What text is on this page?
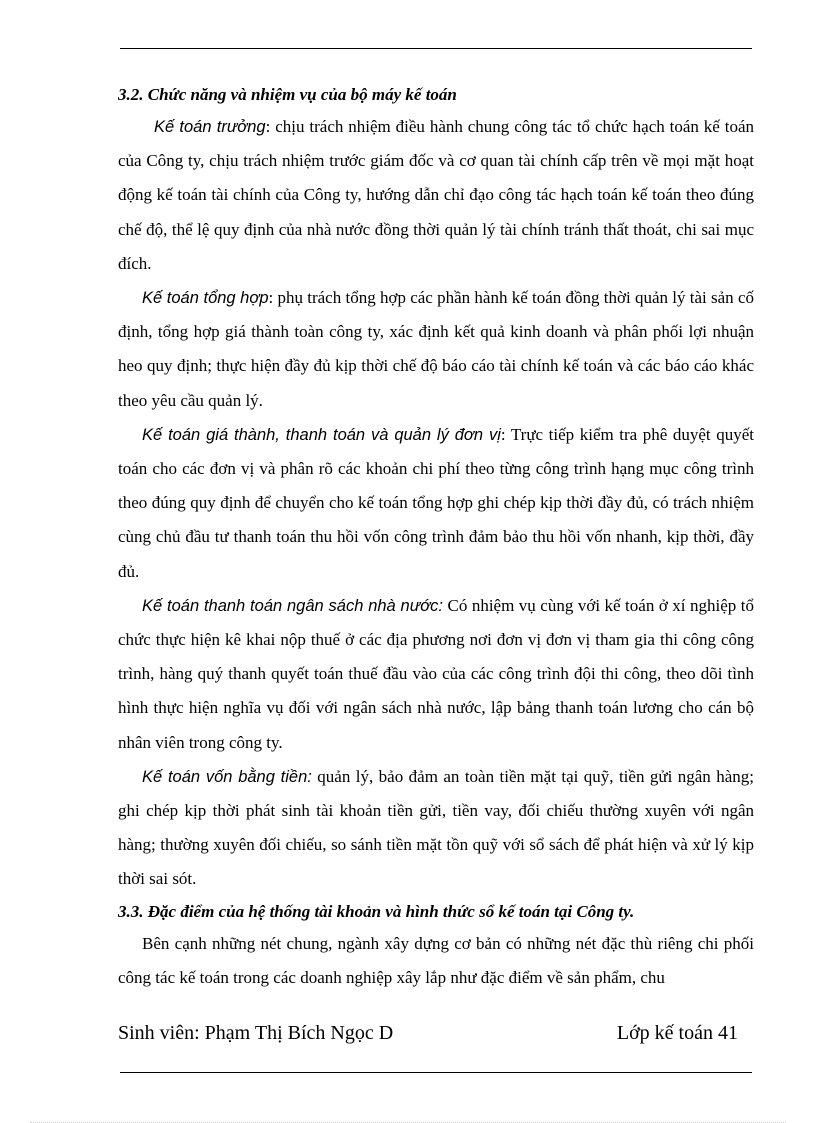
3.2. Chức năng và nhiệm vụ của bộ máy kế toán

Kế toán trưởng: chịu trách nhiệm điều hành chung công tác tổ chức hạch toán kế toán của Công ty, chịu trách nhiệm trước giám đốc và cơ quan tài chính cấp trên về mọi mặt hoạt động kế toán tài chính của Công ty, hướng dẫn chỉ đạo công tác hạch toán kế toán theo đúng chế độ, thể lệ quy định của nhà nước đồng thời quản lý tài chính tránh thất thoát, chi sai mục đích.

Kế toán tổng hợp: phụ trách tổng hợp các phần hành kế toán đồng thời quản lý tài sản cố định, tổng hợp giá thành toàn công ty, xác định kết quả kinh doanh và phân phối lợi nhuận heo quy định; thực hiện đầy đủ kịp thời chế độ báo cáo tài chính kế toán và các báo cáo khác theo yêu cầu quản lý.

Kế toán giá thành, thanh toán và quản lý đơn vị: Trực tiếp kiểm tra phê duyệt quyết toán cho các đơn vị và phân rõ các khoản chi phí theo từng công trình hạng mục công trình theo đúng quy định để chuyển cho kế toán tổng hợp ghi chép kịp thời đầy đủ, có trách nhiệm cùng chủ đầu tư thanh toán thu hồi vốn công trình đảm bảo thu hồi vốn nhanh, kịp thời, đầy đủ.

Kế toán thanh toán ngân sách nhà nước: Có nhiệm vụ cùng với kế toán ở xí nghiệp tổ chức thực hiện kê khai nộp thuế ở các địa phương nơi đơn vị đơn vị tham gia thi công công trình, hàng quý thanh quyết toán thuế đầu vào của các công trình đội thi công, theo dõi tình hình thực hiện nghĩa vụ đối với ngân sách nhà nước, lập bảng thanh toán lương cho cán bộ nhân viên trong công ty.

Kế toán vốn bằng tiền: quản lý, bảo đảm an toàn tiền mặt tại quỹ, tiền gửi ngân hàng; ghi chép kịp thời phát sinh tài khoản tiền gửi, tiền vay, đối chiếu thường xuyên với ngân hàng; thường xuyên đối chiếu, so sánh tiền mặt tồn quỹ với sổ sách để phát hiện và xử lý kịp thời sai sót.

3.3. Đặc điểm của hệ thống tài khoản và hình thức sổ kế toán tại Công ty.

Bên cạnh những nét chung, ngành xây dựng cơ bản có những nét đặc thù riêng chi phối công tác kế toán trong các doanh nghiệp xây lắp như đặc điểm về sản phẩm, chu

Sinh viên: Phạm Thị Bích Ngọc D	Lớp kế toán 41
